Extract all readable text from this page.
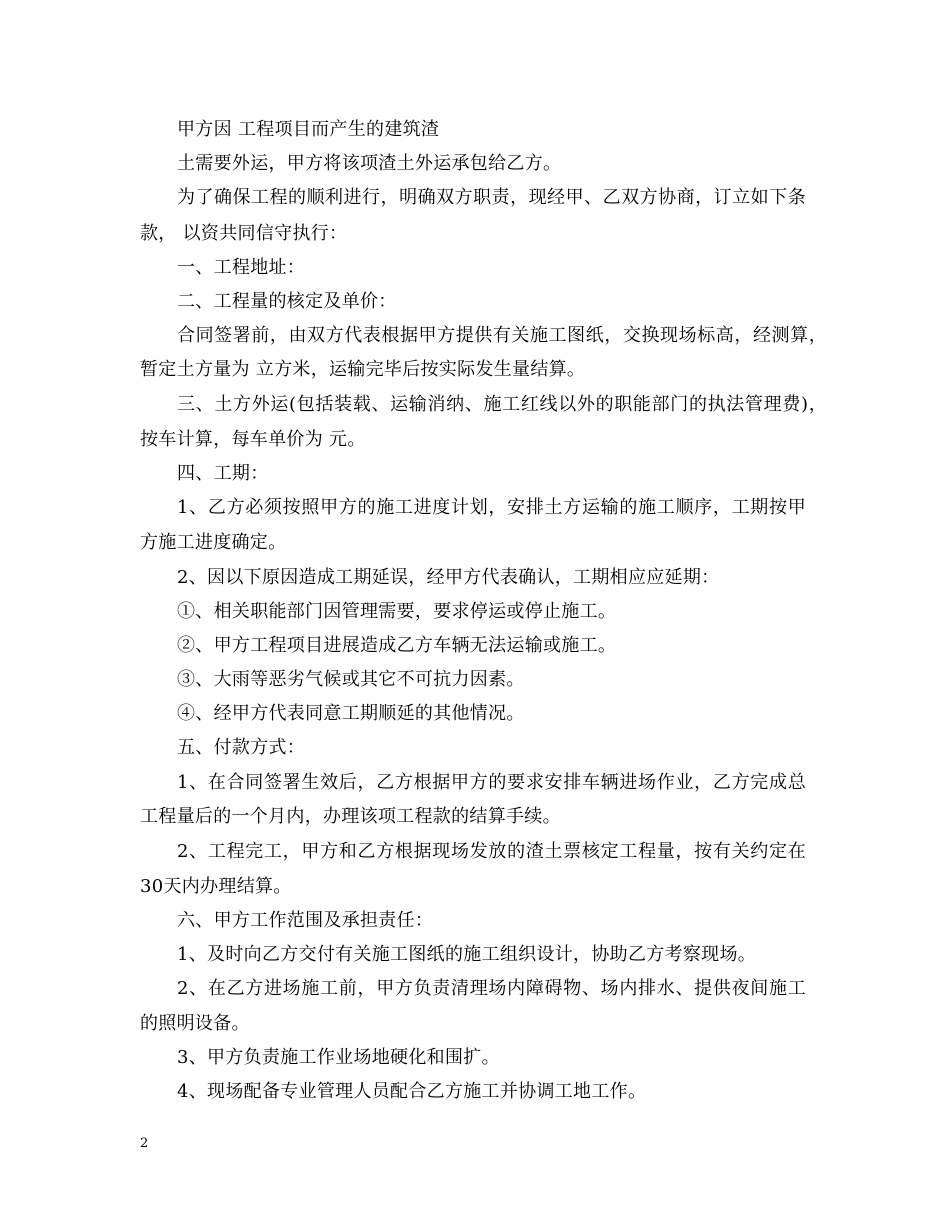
甲方因 工程项目而产生的建筑渣
土需要外运，甲方将该项渣土外运承包给乙方。
为了确保工程的顺利进行，明确双方职责，现经甲、乙双方协商，订立如下条
款， 以资共同信守执行：
一、工程地址：
二、工程量的核定及单价：
合同签署前，由双方代表根据甲方提供有关施工图纸，交换现场标高，经测算，
暂定土方量为 立方米，运输完毕后按实际发生量结算。
三、土方外运(包括装载、运输消纳、施工红线以外的职能部门的执法管理费)，
按车计算，每车单价为 元。
四、工期：
1、乙方必须按照甲方的施工进度计划，安排土方运输的施工顺序，工期按甲
方施工进度确定。
2、因以下原因造成工期延误，经甲方代表确认，工期相应应延期：
①、相关职能部门因管理需要，要求停运或停止施工。
②、甲方工程项目进展造成乙方车辆无法运输或施工。
③、大雨等恶劣气候或其它不可抗力因素。
④、经甲方代表同意工期顺延的其他情况。
五、付款方式：
1、在合同签署生效后，乙方根据甲方的要求安排车辆进场作业，乙方完成总
工程量后的一个月内，办理该项工程款的结算手续。
2、工程完工，甲方和乙方根据现场发放的渣土票核定工程量，按有关约定在
30天内办理结算。
六、甲方工作范围及承担责任：
1、及时向乙方交付有关施工图纸的施工组织设计，协助乙方考察现场。
2、在乙方进场施工前，甲方负责清理场内障碍物、场内排水、提供夜间施工
的照明设备。
3、甲方负责施工作业场地硬化和围扩。
4、现场配备专业管理人员配合乙方施工并协调工地工作。
2
